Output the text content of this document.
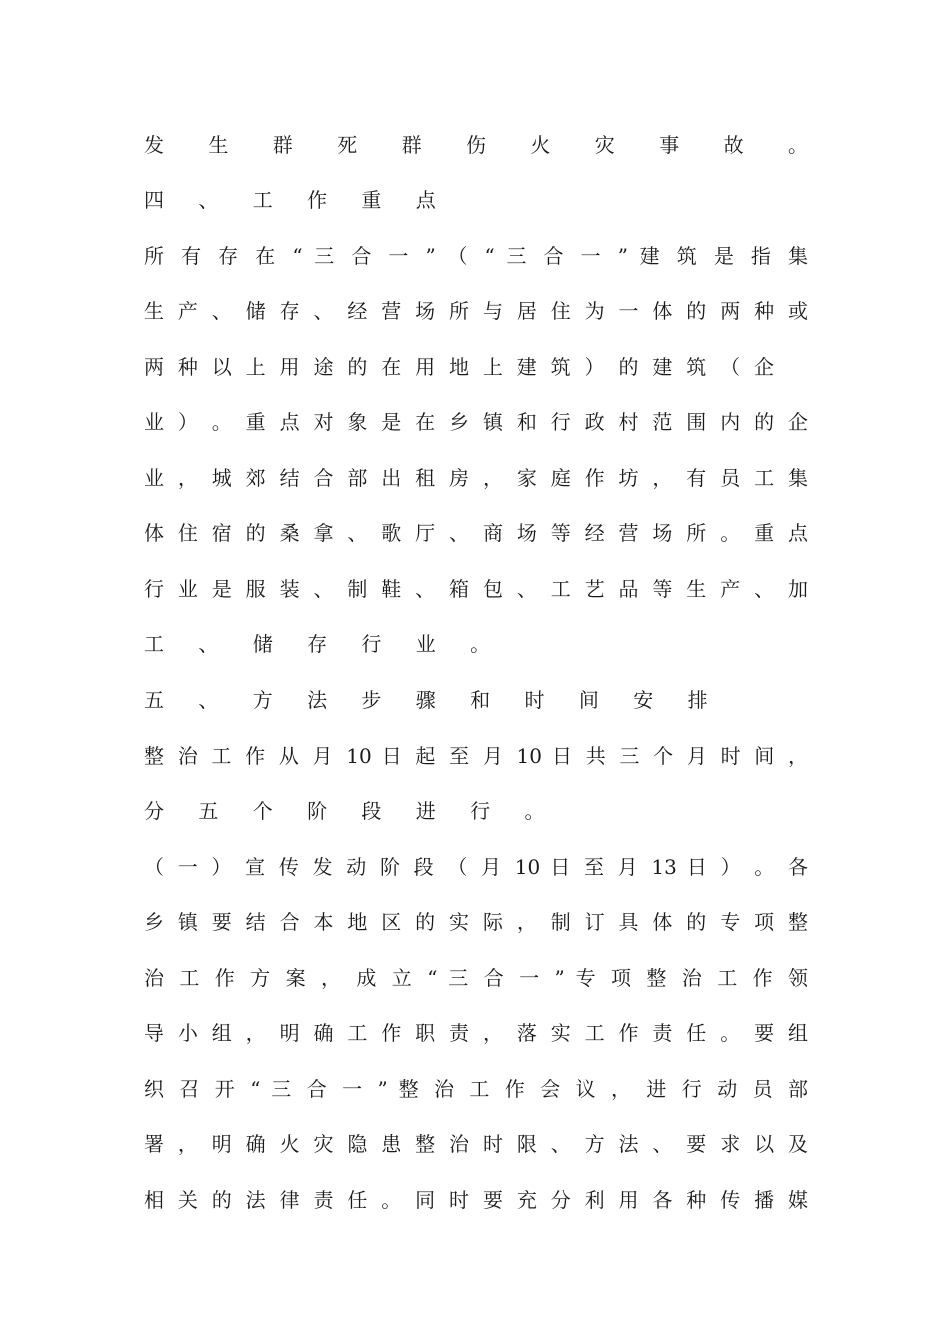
发 生 群 死 群 伤 火 灾 事 故 。
四 、 工 作 重 点
所 有 存 在 “ 三 合 一 ” （ “ 三 合 一 ” 建 筑 是 指 集
生 产 、 储 存 、 经 营 场 所 与 居 住 为 一 体 的 两 种 或
两 种 以 上 用 途 的 在 用 地 上 建 筑 ） 的 建 筑 （ 企
业 ） 。 重 点 对 象 是 在 乡 镇 和 行 政 村 范 围 内 的 企
业 ， 城 郊 结 合 部 出 租 房 ， 家 庭 作 坊 ， 有 员 工 集
体 住 宿 的 桑 拿 、 歌 厅 、 商 场 等 经 营 场 所 。 重 点
行 业 是 服 装 、 制 鞋 、 箱 包 、 工 艺 品 等 生 产 、 加
工 、 储 存 行 业 。
五 、 方 法 步 骤 和 时 间 安 排
整 治 工 作 从 月 10 日 起 至 月 10 日 共 三 个 月 时 间 ，
分 五 个 阶 段 进 行 。
（ 一 ） 宣 传 发 动 阶 段 （ 月 10 日 至 月 13 日 ） 。 各
乡 镇 要 结 合 本 地 区 的 实 际 ， 制 订 具 体 的 专 项 整
治 工 作 方 案 ， 成 立 “ 三 合 一 ” 专 项 整 治 工 作 领
导 小 组 ， 明 确 工 作 职 责 ， 落 实 工 作 责 任 。 要 组
织 召 开 “ 三 合 一 ” 整 治 工 作 会 议 ， 进 行 动 员 部
署 ， 明 确 火 灾 隐 患 整 治 时 限 、 方 法 、 要 求 以 及
相 关 的 法 律 责 任 。 同 时 要 充 分 利 用 各 种 传 播 媒
